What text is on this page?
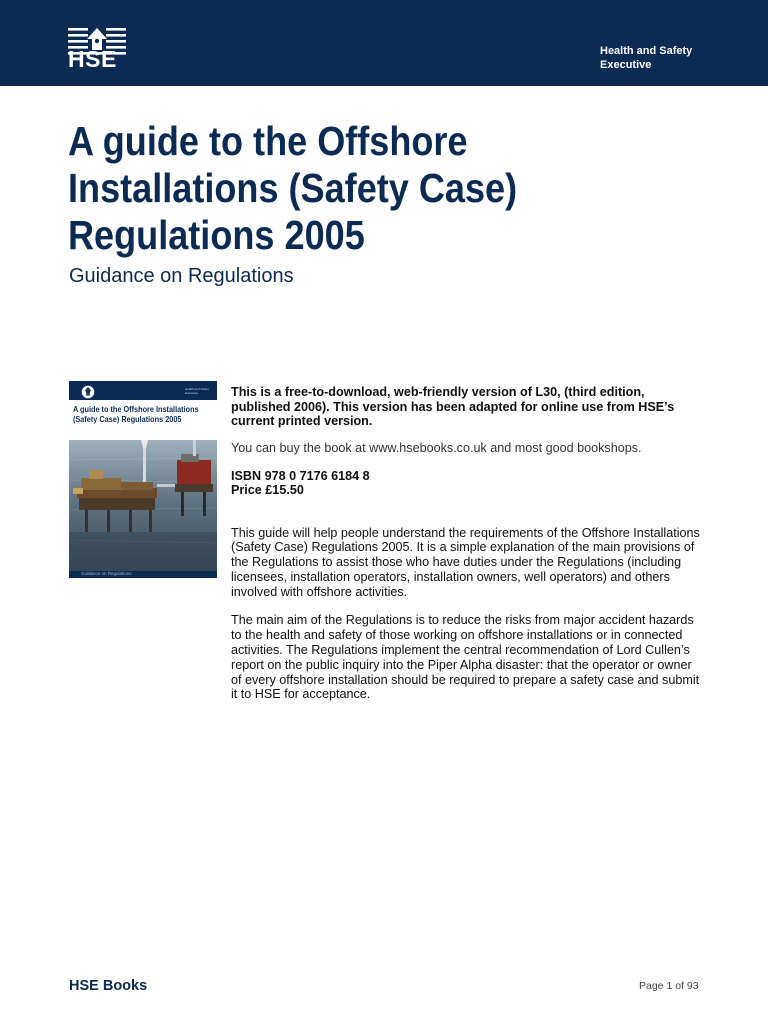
HSE	Health and Safety
Executive
A guide to the Offshore
Installations (Safety Case)
Regulations 2005
Guidance on Regulations
Health and Safety Executive
A guide to the Offshore Installations
(Safety Case) Regulations 2005
Guidance on Regulations

This is a free-to-download, web-friendly version of L30, (third edition, published 2006). This version has been adapted for online use from HSE’s current printed version.

You can buy the book at www.hsebooks.co.uk and most good bookshops.

ISBN 978 0 7176 6184 8
Price £15.50

This guide will help people understand the requirements of the Offshore Installations (Safety Case) Regulations 2005. It is a simple explanation of the main provisions of the Regulations to assist those who have duties under the Regulations (including licensees, installation operators, installation owners, well operators) and others involved with offshore activities.

The main aim of the Regulations is to reduce the risks from major accident hazards to the health and safety of those working on offshore installations or in connected activities. The Regulations implement the central recommendation of Lord Cullen’s report on the public inquiry into the Piper Alpha disaster: that the operator or owner of every offshore installation should be required to prepare a safety case and submit it to HSE for acceptance.

HSE Books	Page 1 of 93
